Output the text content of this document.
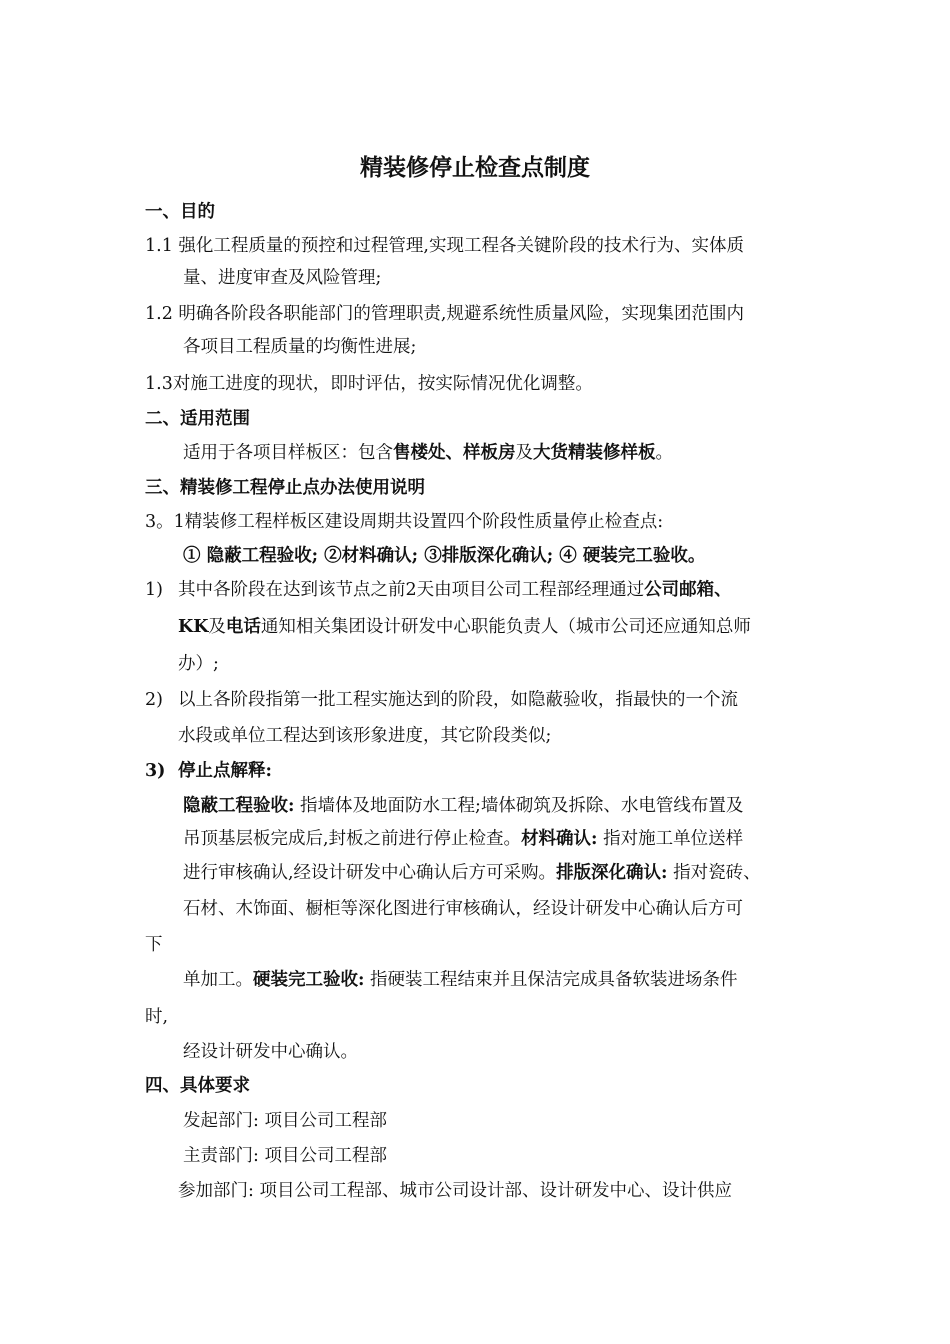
精装修停止检查点制度
一、目的
1.1 强化工程质量的预控和过程管理,实现工程各关键阶段的技术行为、实体质
量、进度审查及风险管理;
1.2 明确各阶段各职能部门的管理职责,规避系统性质量风险，实现集团范围内
各项目工程质量的均衡性进展;
1.3对施工进度的现状，即时评估，按实际情况优化调整。
二、适用范围
适用于各项目样板区：包含售楼处、样板房及大货精装修样板。
三、精装修工程停止点办法使用说明
3。1精装修工程样板区建设周期共设置四个阶段性质量停止检查点:
① 隐蔽工程验收; ②材料确认; ③排版深化确认; ④ 硬装完工验收。
1) 其中各阶段在达到该节点之前2天由项目公司工程部经理通过公司邮箱、
KK及电话通知相关集团设计研发中心职能负责人（城市公司还应通知总师
办）;
2) 以上各阶段指第一批工程实施达到的阶段，如隐蔽验收，指最快的一个流
水段或单位工程达到该形象进度，其它阶段类似;
3) 停止点解释:
隐蔽工程验收: 指墙体及地面防水工程;墙体砌筑及拆除、水电管线布置及
吊顶基层板完成后,封板之前进行停止检查。材料确认: 指对施工单位送样
进行审核确认,经设计研发中心确认后方可采购。排版深化确认: 指对瓷砖、
石材、木饰面、橱柜等深化图进行审核确认，经设计研发中心确认后方可
下
单加工。硬装完工验收: 指硬装工程结束并且保洁完成具备软装进场条件
时,
经设计研发中心确认。
四、具体要求
发起部门: 项目公司工程部
主责部门: 项目公司工程部
参加部门: 项目公司工程部、城市公司设计部、设计研发中心、设计供应
